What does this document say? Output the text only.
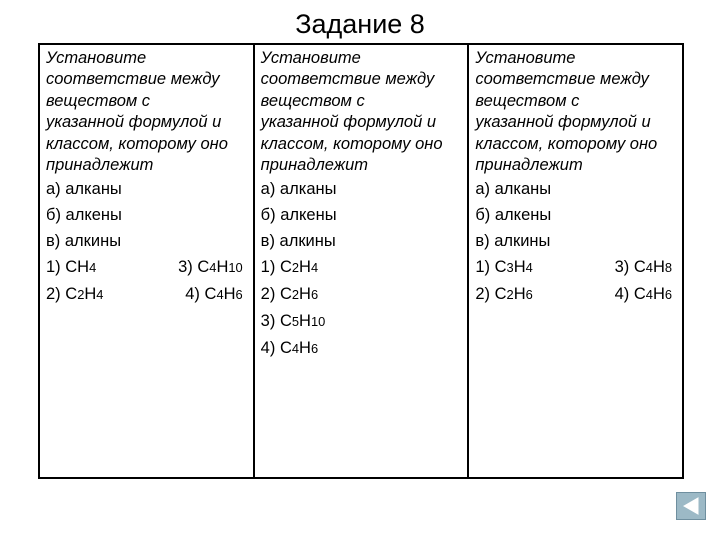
Задание 8
Установите
соответствие между
веществом с
указанной формулой и
классом, которому оно
принадлежит
а) алканы
б) алкены
в) алкины
1) CH4	3) C4H10
2) C2H4	4) C4H6
Установите
соответствие между
веществом с
указанной формулой и
классом, которому оно
принадлежит
а) алканы
б) алкены
в) алкины
1) C2H4
2) C2H6
3) C5H10
4) C4H6
Установите
соответствие между
веществом с
указанной формулой и
классом, которому оно
принадлежит
а) алканы
б) алкены
в) алкины
1) C3H4	3) C4H8
2) C2H6	4) C4H6
